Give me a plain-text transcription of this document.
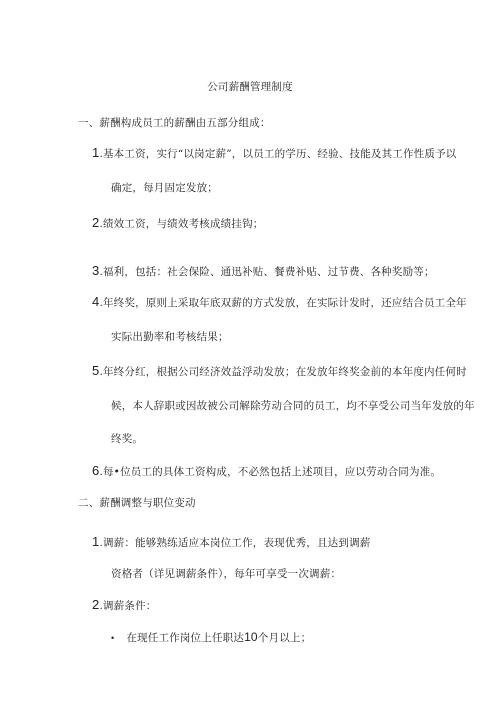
公司薪酬管理制度
一、薪酬构成员工的薪酬由五部分组成：
1.基本工资，实行“以岗定薪”，以员工的学历、经验、技能及其工作性质予以
确定，每月固定发放；
2.绩效工资，与绩效考核成绩挂钩；
3.福利，包括：社会保险、通迅补贴、餐费补贴、过节费、各种奖励等；
4.年终奖，原则上采取年底双薪的方式发放，在实际计发时，还应结合员工全年
实际出勤率和考核结果；
5.年终分红，根据公司经济效益浮动发放；在发放年终奖金前的本年度内任何时
候，本人辞职或因故被公司解除劳动合同的员工，均不享受公司当年发放的年
终奖。
6.每•位员工的具体工资构成，不必然包括上述项目，应以劳动合同为准。
二、薪酬调整与职位变动
1.调薪：能够熟练适应本岗位工作，表现优秀，且达到调薪
资格者（详见调薪条件），每年可享受一次调薪：
2.调薪条件：
• 在现任工作岗位上任职达10个月以上；
